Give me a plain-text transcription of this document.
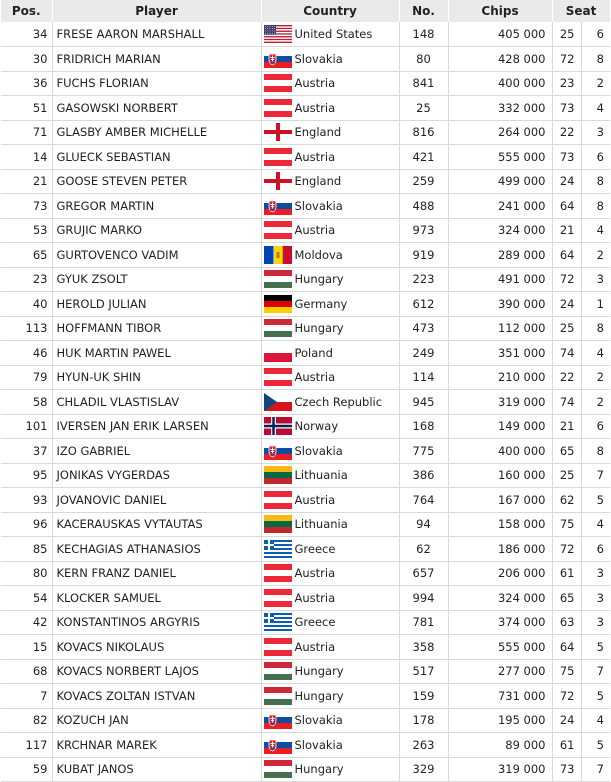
Pos.	Player	Country	No.	Chips	Seat	
34	FRESE AARON MARSHALL	United States	148	405 000	25	6
30	FRIDRICH MARIAN	Slovakia	80	428 000	72	8
36	FUCHS FLORIAN	Austria	841	400 000	23	2
51	GASOWSKI NORBERT	Austria	25	332 000	73	4
71	GLASBY AMBER MICHELLE	England	816	264 000	22	3
14	GLUECK SEBASTIAN	Austria	421	555 000	73	6
21	GOOSE STEVEN PETER	England	259	499 000	24	8
73	GREGOR MARTIN	Slovakia	488	241 000	64	8
53	GRUJIC MARKO	Austria	973	324 000	21	4
65	GURTOVENCO VADIM	Moldova	919	289 000	64	2
23	GYUK ZSOLT	Hungary	223	491 000	72	3
40	HEROLD JULIAN	Germany	612	390 000	24	1
113	HOFFMANN TIBOR	Hungary	473	112 000	25	8
46	HUK MARTIN PAWEL	Poland	249	351 000	74	4
79	HYUN-UK SHIN	Austria	114	210 000	22	2
58	CHLADIL VLASTISLAV	Czech Republic	945	319 000	74	2
101	IVERSEN JAN ERIK LARSEN	Norway	168	149 000	21	6
37	IZO GABRIEL	Slovakia	775	400 000	65	8
95	JONIKAS VYGERDAS	Lithuania	386	160 000	25	7
93	JOVANOVIC DANIEL	Austria	764	167 000	62	5
96	KACERAUSKAS VYTAUTAS	Lithuania	94	158 000	75	4
85	KECHAGIAS ATHANASIOS	Greece	62	186 000	72	6
80	KERN FRANZ DANIEL	Austria	657	206 000	61	3
54	KLOCKER SAMUEL	Austria	994	324 000	65	3
42	KONSTANTINOS ARGYRIS	Greece	781	374 000	63	3
15	KOVACS NIKOLAUS	Austria	358	555 000	64	5
68	KOVACS NORBERT LAJOS	Hungary	517	277 000	75	7
7	KOVACS ZOLTAN ISTVAN	Hungary	159	731 000	72	5
82	KOZUCH JAN	Slovakia	178	195 000	24	4
117	KRCHNAR MAREK	Slovakia	263	89 000	61	5
59	KUBAT JANOS	Hungary	329	319 000	73	7
